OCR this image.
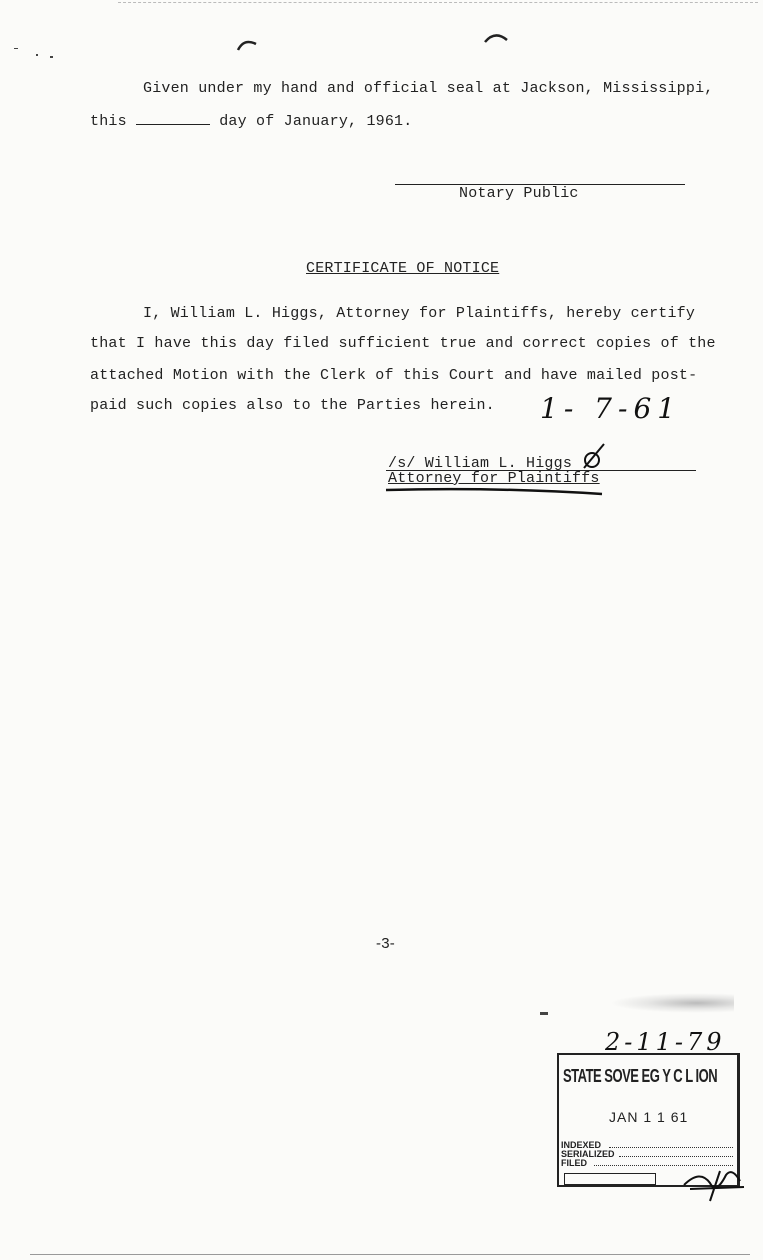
Given under my hand and official seal at Jackson, Mississippi,
this	day of January, 1961.
Notary Public
CERTIFICATE OF NOTICE
I, William L. Higgs, Attorney for Plaintiffs, hereby certify
that I have this day filed sufficient true and correct copies of the
attached Motion with the Clerk of this Court and have mailed post-
paid such copies also to the Parties herein. 1- 7-61
/s/ William L. Higgs
Attorney for Plaintiffs
-3-
2-11-79
STATE SOVE EG Y C L ION
JAN 1 1 61
INDEXED
SERIALIZED
FILED
